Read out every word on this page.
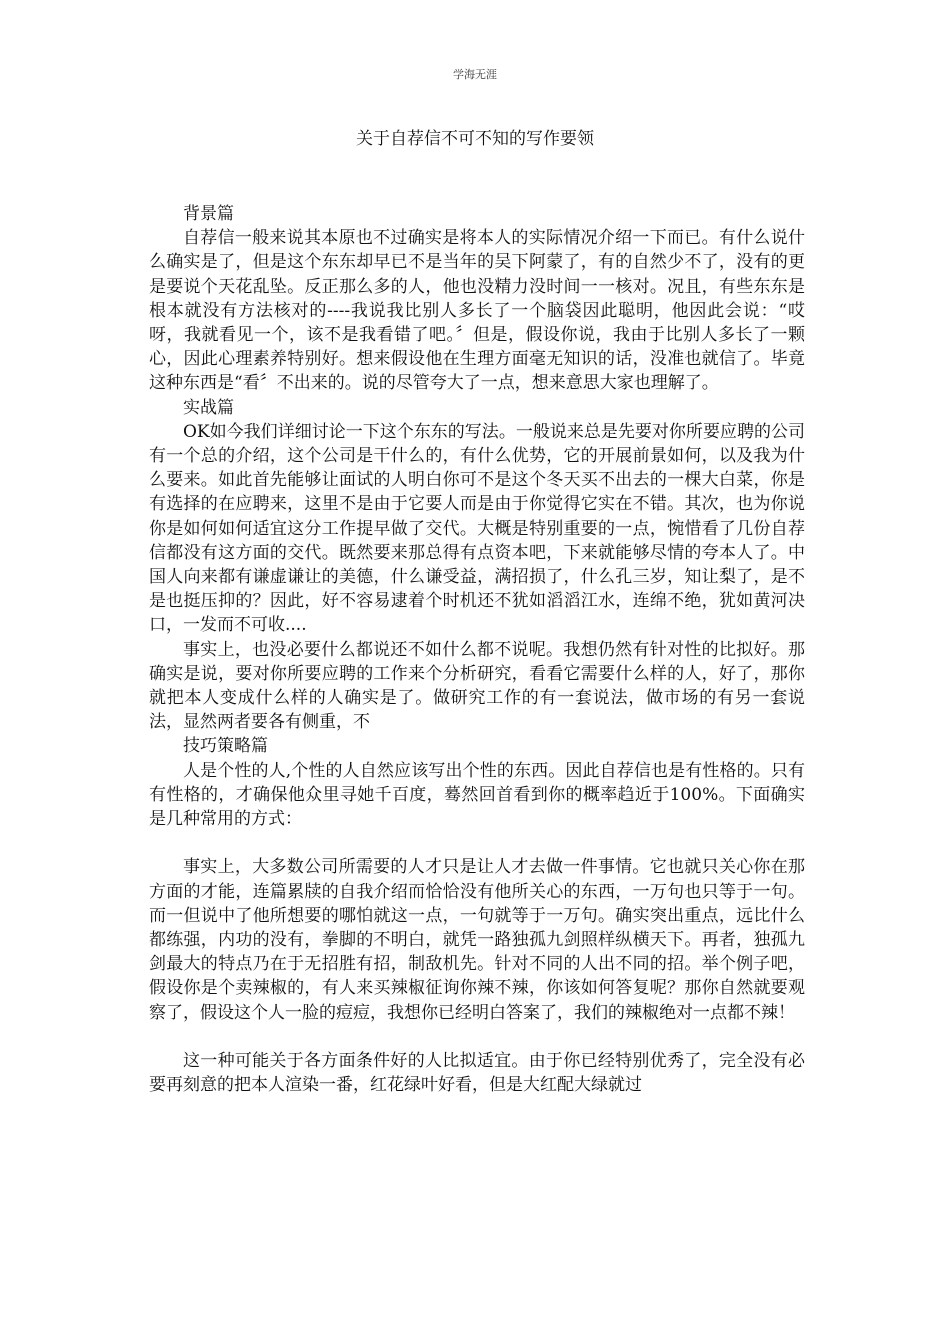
学海无涯
关于自荐信不可不知的写作要领

背景篇

自荐信一般来说其本原也不过确实是将本人的实际情况介绍一下而已。有什么说什么确实是了，但是这个东东却早已不是当年的吴下阿蒙了，有的自然少不了，没有的更是要说个天花乱坠。反正那么多的人，他也没精力没时间一一核对。况且，有些东东是根本就没有方法核对的----我说我比别人多长了一个脑袋因此聪明，他因此会说：“哎呀，我就看见一个，该不是我看错了吧。〞但是，假设你说，我由于比别人多长了一颗心，因此心理素养特别好。想来假设他在生理方面毫无知识的话，没准也就信了。毕竟这种东西是“看〞不出来的。说的尽管夸大了一点，想来意思大家也理解了。

实战篇

OK如今我们详细讨论一下这个东东的写法。一般说来总是先要对你所要应聘的公司有一个总的介绍，这个公司是干什么的，有什么优势，它的开展前景如何，以及我为什么要来。如此首先能够让面试的人明白你可不是这个冬天买不出去的一棵大白菜，你是有选择的在应聘来，这里不是由于它要人而是由于你觉得它实在不错。其次，也为你说你是如何如何适宜这分工作提早做了交代。大概是特别重要的一点，惋惜看了几份自荐信都没有这方面的交代。既然要来那总得有点资本吧，下来就能够尽情的夸本人了。中国人向来都有谦虚谦让的美德，什么谦受益，满招损了，什么孔三岁，知让梨了，是不是也挺压抑的？因此，好不容易逮着个时机还不犹如滔滔江水，连绵不绝，犹如黄河决口，一发而不可收....

事实上，也没必要什么都说还不如什么都不说呢。我想仍然有针对性的比拟好。那确实是说，要对你所要应聘的工作来个分析研究，看看它需要什么样的人，好了，那你就把本人变成什么样的人确实是了。做研究工作的有一套说法，做市场的有另一套说法，显然两者要各有侧重，不

技巧策略篇

人是个性的人,个性的人自然应该写出个性的东西。因此自荐信也是有性格的。只有有性格的，才确保他众里寻她千百度，蓦然回首看到你的概率趋近于100%。下面确实是几种常用的方式：

事实上，大多数公司所需要的人才只是让人才去做一件事情。它也就只关心你在那方面的才能，连篇累牍的自我介绍而恰恰没有他所关心的东西，一万句也只等于一句。而一但说中了他所想要的哪怕就这一点，一句就等于一万句。确实突出重点，远比什么都练强，内功的没有，拳脚的不明白，就凭一路独孤九剑照样纵横天下。再者，独孤九剑最大的特点乃在于无招胜有招，制敌机先。针对不同的人出不同的招。举个例子吧，假设你是个卖辣椒的，有人来买辣椒征询你辣不辣，你该如何答复呢？那你自然就要观察了，假设这个人一脸的痘痘，我想你已经明白答案了，我们的辣椒绝对一点都不辣！

这一种可能关于各方面条件好的人比拟适宜。由于你已经特别优秀了，完全没有必要再刻意的把本人渲染一番，红花绿叶好看，但是大红配大绿就过
